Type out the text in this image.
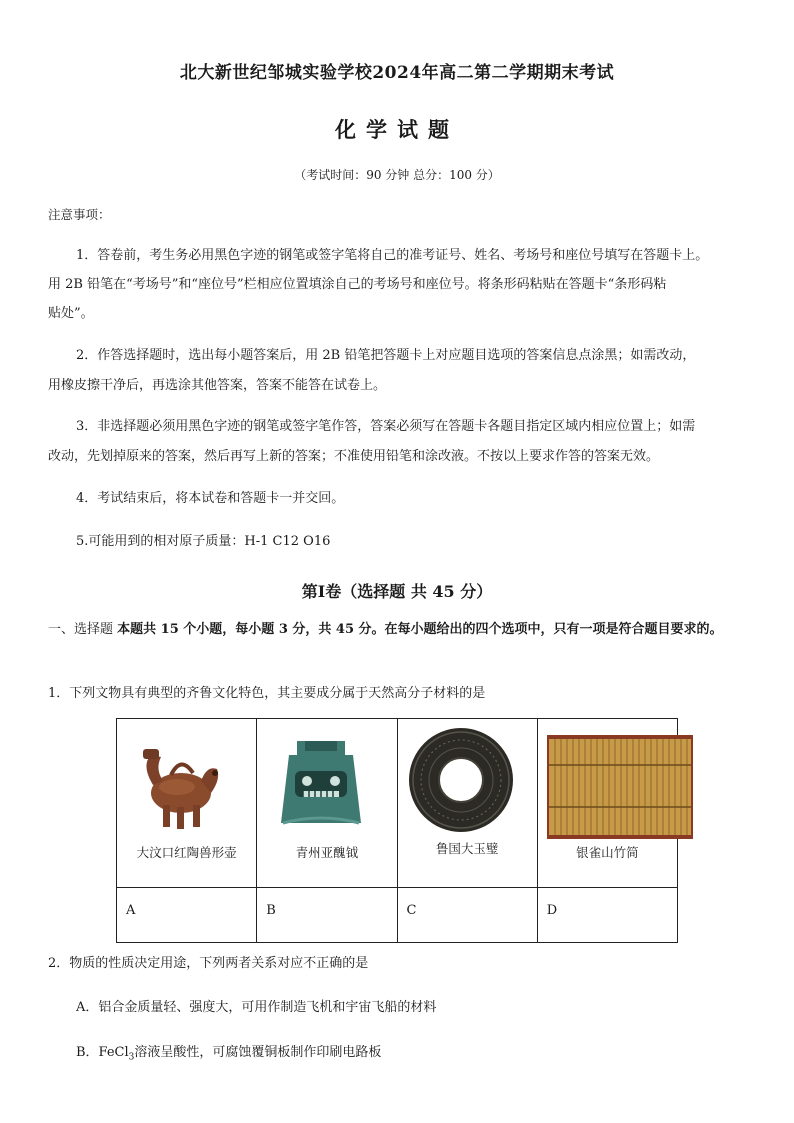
北大新世纪邹城实验学校2024年高二第二学期期末考试
化学试题
（考试时间：90 分钟 总分：100 分）
注意事项：
1．答卷前，考生务必用黑色字迹的钢笔或签字笔将自己的准考证号、姓名、考场号和座位号填写在答题卡上。
用 2B 铅笔在“考场号”和“座位号”栏相应位置填涂自己的考场号和座位号。将条形码粘贴在答题卡“条形码粘
贴处”。
2．作答选择题时，选出每小题答案后，用 2B 铅笔把答题卡上对应题目选项的答案信息点涂黑；如需改动，
用橡皮擦干净后，再选涂其他答案，答案不能答在试卷上。
3．非选择题必须用黑色字迹的钢笔或签字笔作答，答案必须写在答题卡各题目指定区域内相应位置上；如需
改动，先划掉原来的答案，然后再写上新的答案；不准使用铅笔和涂改液。不按以上要求作答的答案无效。
4．考试结束后，将本试卷和答题卡一并交回。
5.可能用到的相对原子质量：H-1 C12 O16
第Ⅰ卷（选择题 共 45 分）
一、选择题 本题共 15 个小题，每小题 3 分，共 45 分。在每小题给出的四个选项中，只有一项是符合题目要求的。
1．下列文物具有典型的齐鲁文化特色，其主要成分属于天然高分子材料的是
大汶口红陶兽形壶	青州亚醜钺	鲁国大玉璧	银雀山竹简

A	B	C	D
2．物质的性质决定用途，下列两者关系对应不正确的是
A．铝合金质量轻、强度大，可用作制造飞机和宇宙飞船的材料
B．FeCl$_3$溶液呈酸性，可腐蚀覆铜板制作印刷电路板
